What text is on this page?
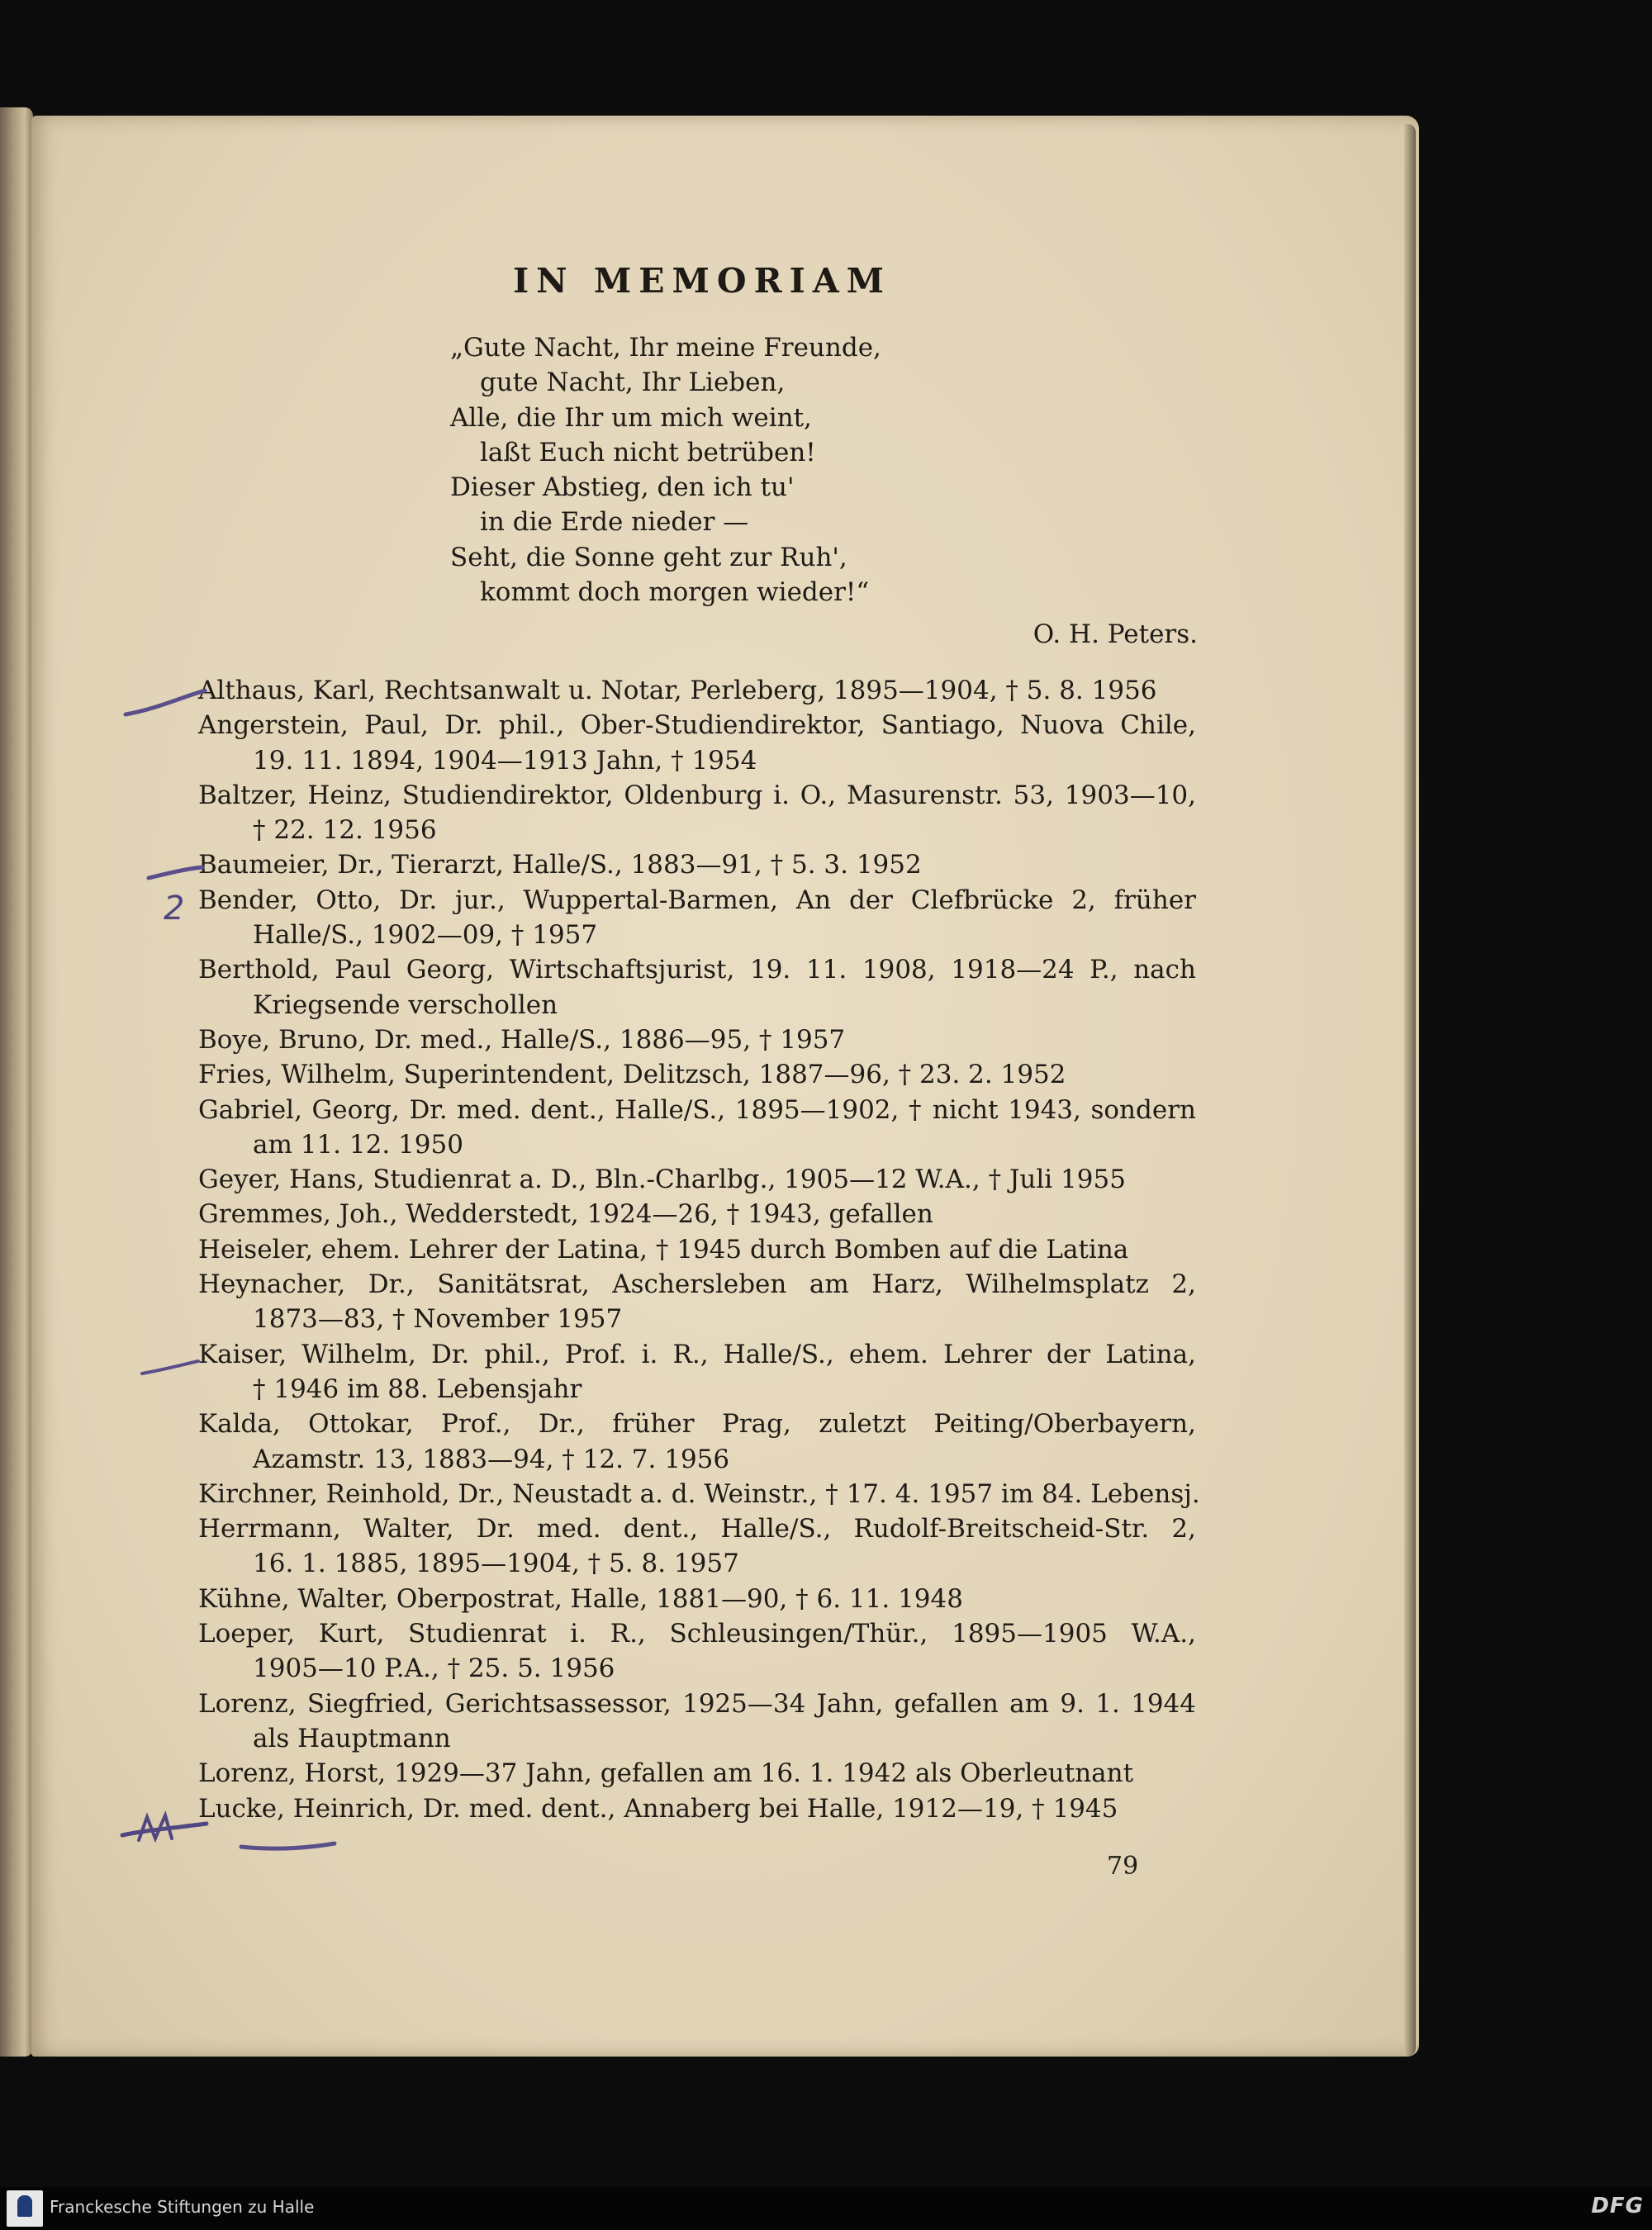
IN MEMORIAM
„Gute Nacht, Ihr meine Freunde,
gute Nacht, Ihr Lieben,
Alle, die Ihr um mich weint,
laßt Euch nicht betrüben!
Dieser Abstieg, den ich tu'
in die Erde nieder —
Seht, die Sonne geht zur Ruh',
kommt doch morgen wieder!“
O. H. Peters.
Althaus, Karl, Rechtsanwalt u. Notar, Perleberg, 1895—1904, † 5. 8. 1956
Angerstein, Paul, Dr. phil., Ober-Studiendirektor, Santiago, Nuova Chile,
19. 11. 1894, 1904—1913 Jahn, † 1954
Baltzer, Heinz, Studiendirektor, Oldenburg i. O., Masurenstr. 53, 1903—10,
† 22. 12. 1956
Baumeier, Dr., Tierarzt, Halle/S., 1883—91, † 5. 3. 1952
Bender, Otto, Dr. jur., Wuppertal-Barmen, An der Clefbrücke 2, früher
Halle/S., 1902—09, † 1957
Berthold, Paul Georg, Wirtschaftsjurist, 19. 11. 1908, 1918—24 P., nach
Kriegsende verschollen
Boye, Bruno, Dr. med., Halle/S., 1886—95, † 1957
Fries, Wilhelm, Superintendent, Delitzsch, 1887—96, † 23. 2. 1952
Gabriel, Georg, Dr. med. dent., Halle/S., 1895—1902, † nicht 1943, sondern
am 11. 12. 1950
Geyer, Hans, Studienrat a. D., Bln.-Charlbg., 1905—12 W.A., † Juli 1955
Gremmes, Joh., Wedderstedt, 1924—26, † 1943, gefallen
Heiseler, ehem. Lehrer der Latina, † 1945 durch Bomben auf die Latina
Heynacher, Dr., Sanitätsrat, Aschersleben am Harz, Wilhelmsplatz 2,
1873—83, † November 1957
Kaiser, Wilhelm, Dr. phil., Prof. i. R., Halle/S., ehem. Lehrer der Latina,
† 1946 im 88. Lebensjahr
Kalda, Ottokar, Prof., Dr., früher Prag, zuletzt Peiting/Oberbayern,
Azamstr. 13, 1883—94, † 12. 7. 1956
Kirchner, Reinhold, Dr., Neustadt a. d. Weinstr., † 17. 4. 1957 im 84. Lebensj.
Herrmann, Walter, Dr. med. dent., Halle/S., Rudolf-Breitscheid-Str. 2,
16. 1. 1885, 1895—1904, † 5. 8. 1957
Kühne, Walter, Oberpostrat, Halle, 1881—90, † 6. 11. 1948
Loeper, Kurt, Studienrat i. R., Schleusingen/Thür., 1895—1905 W.A.,
1905—10 P.A., † 25. 5. 1956
Lorenz, Siegfried, Gerichtsassessor, 1925—34 Jahn, gefallen am 9. 1. 1944
als Hauptmann
Lorenz, Horst, 1929—37 Jahn, gefallen am 16. 1. 1942 als Oberleutnant
Lucke, Heinrich, Dr. med. dent., Annaberg bei Halle, 1912—19, † 1945
79
2
Franckesche Stiftungen zu Halle	DFG
